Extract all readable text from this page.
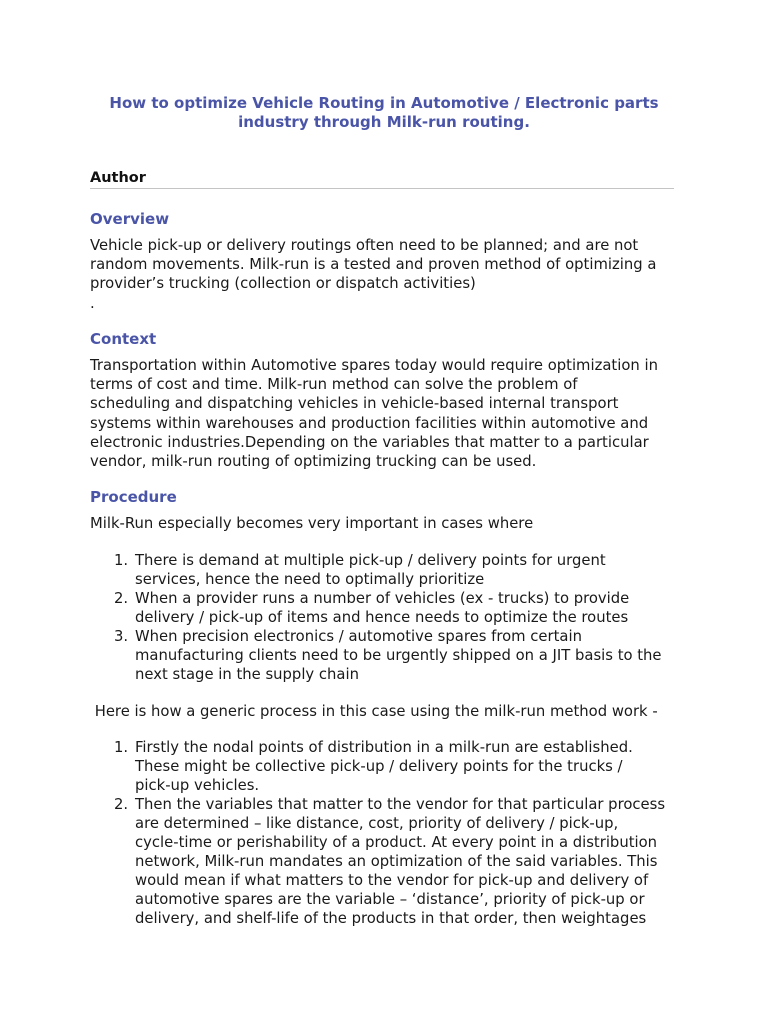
How to optimize Vehicle Routing in Automotive / Electronic parts
industry through Milk-run routing.
Author
Overview
Vehicle pick-up or delivery routings often need to be planned; and are not
random movements. Milk-run is a tested and proven method of optimizing a
provider’s trucking (collection or dispatch activities)
.
Context
Transportation within Automotive spares today would require optimization in
terms of cost and time. Milk-run method can solve the problem of
scheduling and dispatching vehicles in vehicle-based internal transport
systems within warehouses and production facilities within automotive and
electronic industries.Depending on the variables that matter to a particular
vendor, milk-run routing of optimizing trucking can be used.
Procedure
Milk-Run especially becomes very important in cases where
1. There is demand at multiple pick-up / delivery points for urgent
services, hence the need to optimally prioritize
2. When a provider runs a number of vehicles (ex - trucks) to provide
delivery / pick-up of items and hence needs to optimize the routes
3. When precision electronics / automotive spares from certain
manufacturing clients need to be urgently shipped on a JIT basis to the
next stage in the supply chain
Here is how a generic process in this case using the milk-run method work -
1. Firstly the nodal points of distribution in a milk-run are established.
These might be collective pick-up / delivery points for the trucks /
pick-up vehicles.
2. Then the variables that matter to the vendor for that particular process
are determined – like distance, cost, priority of delivery / pick-up,
cycle-time or perishability of a product. At every point in a distribution
network, Milk-run mandates an optimization of the said variables. This
would mean if what matters to the vendor for pick-up and delivery of
automotive spares are the variable – ‘distance’, priority of pick-up or
delivery, and shelf-life of the products in that order, then weightages
